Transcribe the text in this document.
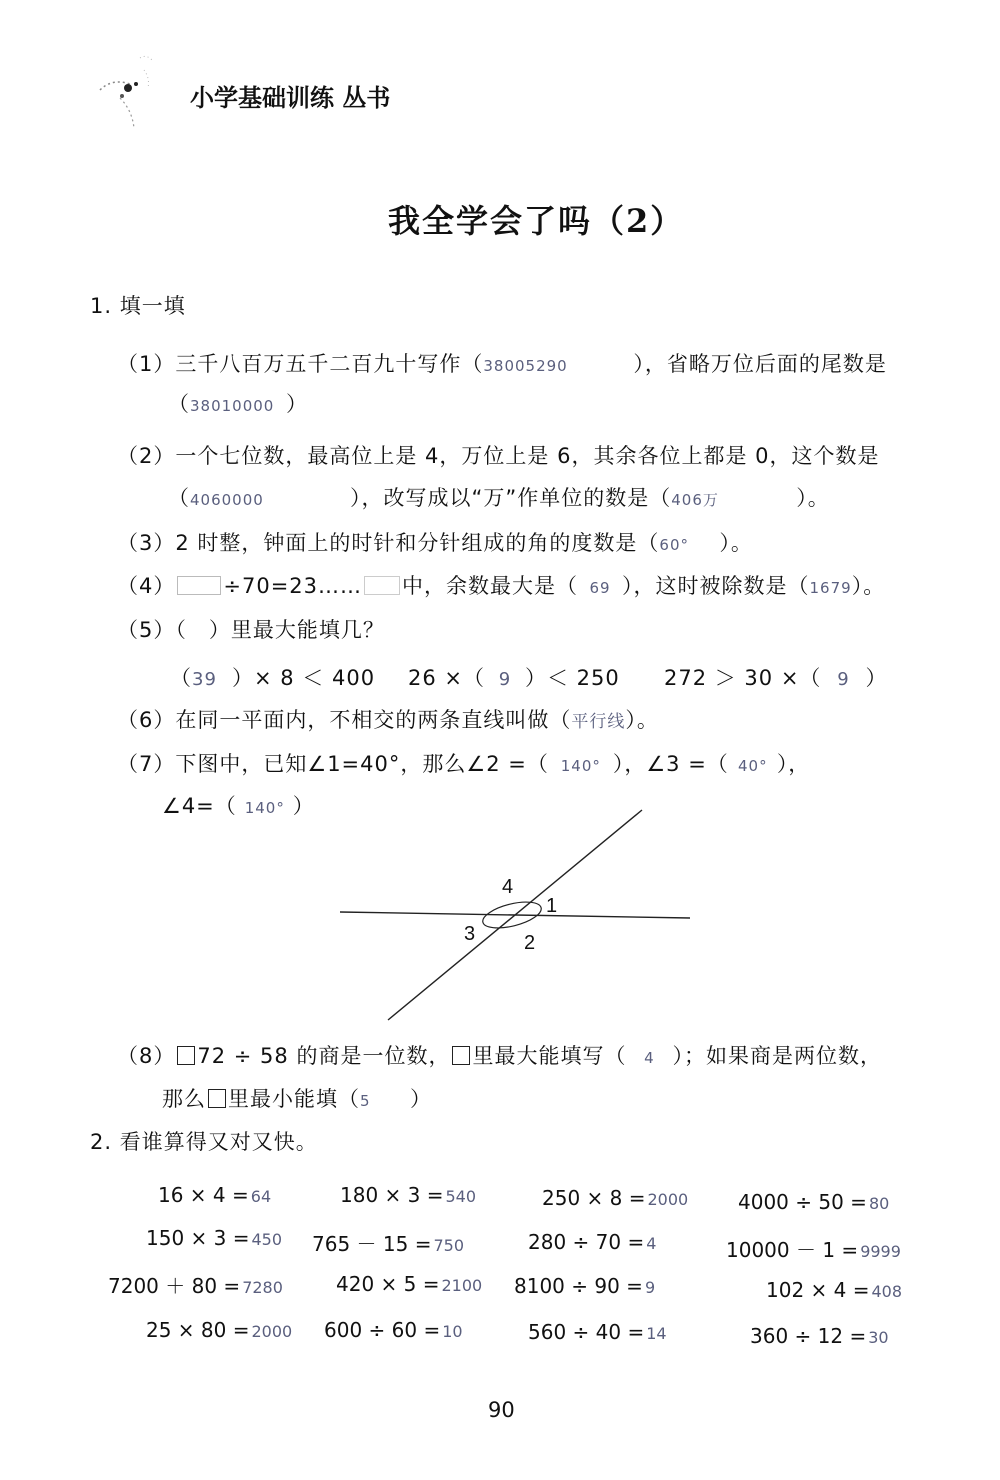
小学基础训练 丛书
我全学会了吗（2）
1. 填一填
（1）三千八百万五千二百九十写作（38005290	），省略万位后面的尾数是
（38010000 ）
（2）一个七位数，最高位上是 4，万位上是 6，其余各位上都是 0，这个数是
（4060000	），改写成以“万”作单位的数是（406万	）。
（3）2 时整，钟面上的时针和分针组成的角的度数是（60° ）。
（4） ÷70=23…… 中，余数最大是（ 69 ），这时被除数是（1679）。
（5）（　）里最大能填几？
（39 ）× 8 ＜ 400 26 ×（ 9 ）＜ 250 272 ＞ 30 ×（ 9 ）
（6）在同一平面内，不相交的两条直线叫做（平行线）。
（7）下图中，已知∠1=40°，那么∠2 =（ 140° ），∠3 =（ 40° ），
∠4=（ 140° ）
4
1
3 2
（8） 72 ÷ 58 的商是一位数， 里最大能填写（ 4 ）；如果商是两位数，
那么 里最小能填（5 ）
2. 看谁算得又对又快。
16 × 4 = 64	180 × 3 = 540	250 × 8 = 2000 4000 ÷ 50 = 80
150 × 3 = 450 765 － 15 = 750	280 ÷ 70 = 4	10000 － 1 = 9999
7200 ＋ 80 = 7280	420 × 5 = 2100 8100 ÷ 90 = 9	102 × 4 = 408
25 × 80 = 2000 600 ÷ 60 = 10	560 ÷ 40 = 14	360 ÷ 12 = 30
90
